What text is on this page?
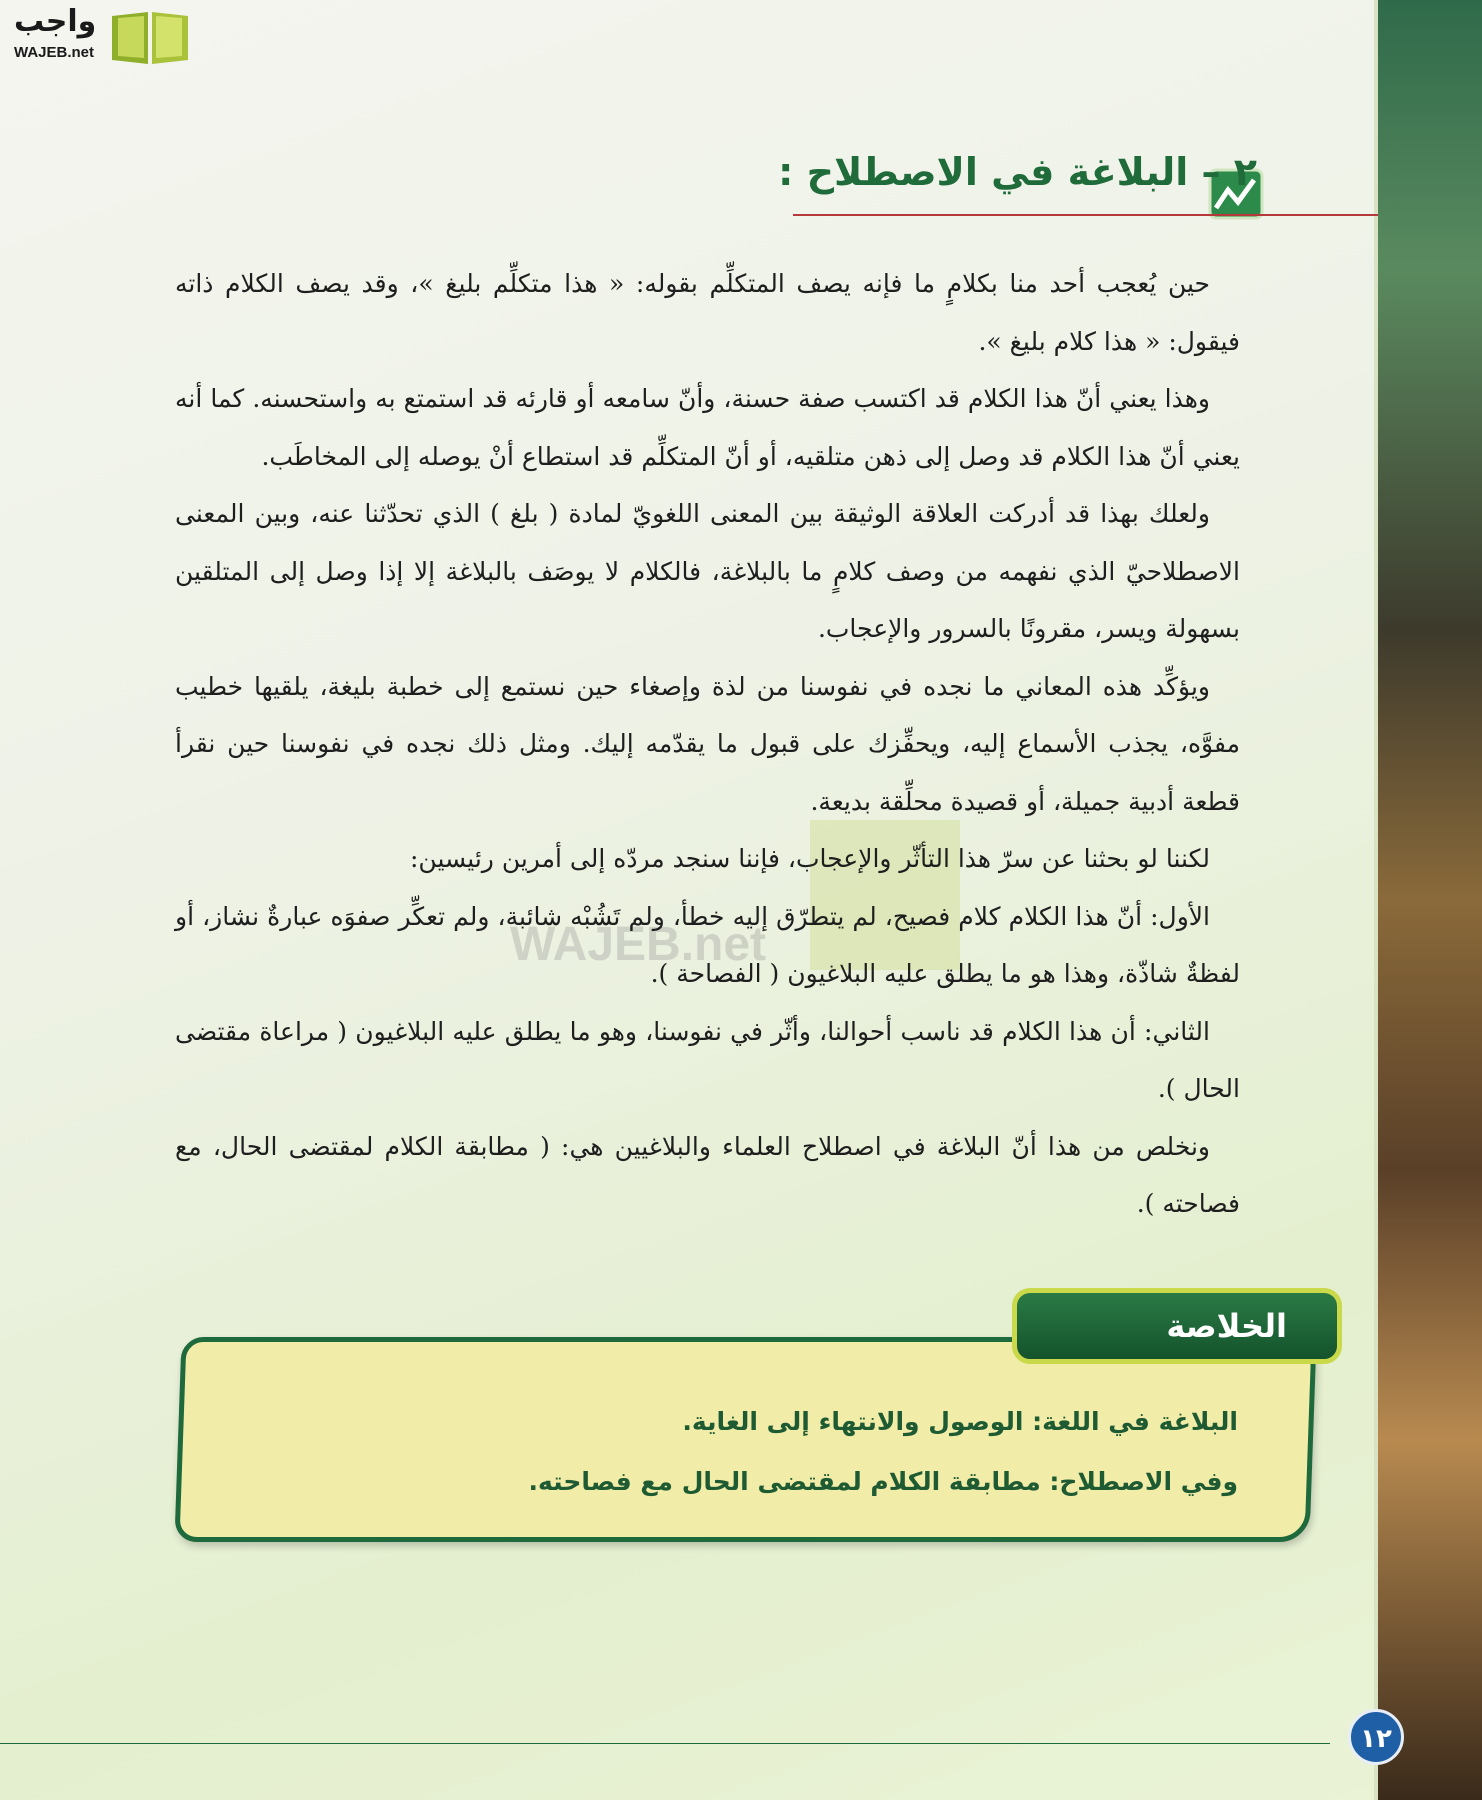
واجب
WAJEB.net
٢ – البلاغة في الاصطلاح :
WAJEB.net

حين يُعجب أحد منا بكلامٍ ما فإنه يصف المتكلِّم بقوله: « هذا متكلِّم بليغ »، وقد يصف الكلام ذاته فيقول: « هذا كلام بليغ ».

وهذا يعني أنّ هذا الكلام قد اكتسب صفة حسنة، وأنّ سامعه أو قارئه قد استمتع به واستحسنه. كما أنه يعني أنّ هذا الكلام قد وصل إلى ذهن متلقيه، أو أنّ المتكلِّم قد استطاع أنْ يوصله إلى المخاطَب.

ولعلك بهذا قد أدركت العلاقة الوثيقة بين المعنى اللغويّ لمادة ( بلغ ) الذي تحدّثنا عنه، وبين المعنى الاصطلاحيّ الذي نفهمه من وصف كلامٍ ما بالبلاغة، فالكلام لا يوصَف بالبلاغة إلا إذا وصل إلى المتلقين بسهولة ويسر، مقرونًا بالسرور والإعجاب.

ويؤكِّد هذه المعاني ما نجده في نفوسنا من لذة وإصغاء حين نستمع إلى خطبة بليغة، يلقيها خطيب مفوَّه، يجذب الأسماع إليه، ويحفِّزك على قبول ما يقدّمه إليك. ومثل ذلك نجده في نفوسنا حين نقرأ قطعة أدبية جميلة، أو قصيدة محلِّقة بديعة.

لكننا لو بحثنا عن سرّ هذا التأثّر والإعجاب، فإننا سنجد مردّه إلى أمرين رئيسين:

الأول: أنّ هذا الكلام كلام فصيح، لم يتطرّق إليه خطأ، ولم تَشُبْه شائبة، ولم تعكِّر صفوَه عبارةٌ نشاز، أو لفظةٌ شاذّة، وهذا هو ما يطلق عليه البلاغيون ( الفصاحة ).

الثاني: أن هذا الكلام قد ناسب أحوالنا، وأثّر في نفوسنا، وهو ما يطلق عليه البلاغيون ( مراعاة مقتضى الحال ).

ونخلص من هذا أنّ البلاغة في اصطلاح العلماء والبلاغيين هي: ( مطابقة الكلام لمقتضى الحال، مع فصاحته ).

الخلاصة
البلاغة في اللغة: الوصول والانتهاء إلى الغاية.
وفي الاصطلاح: مطابقة الكلام لمقتضى الحال مع فصاحته.
١٢
